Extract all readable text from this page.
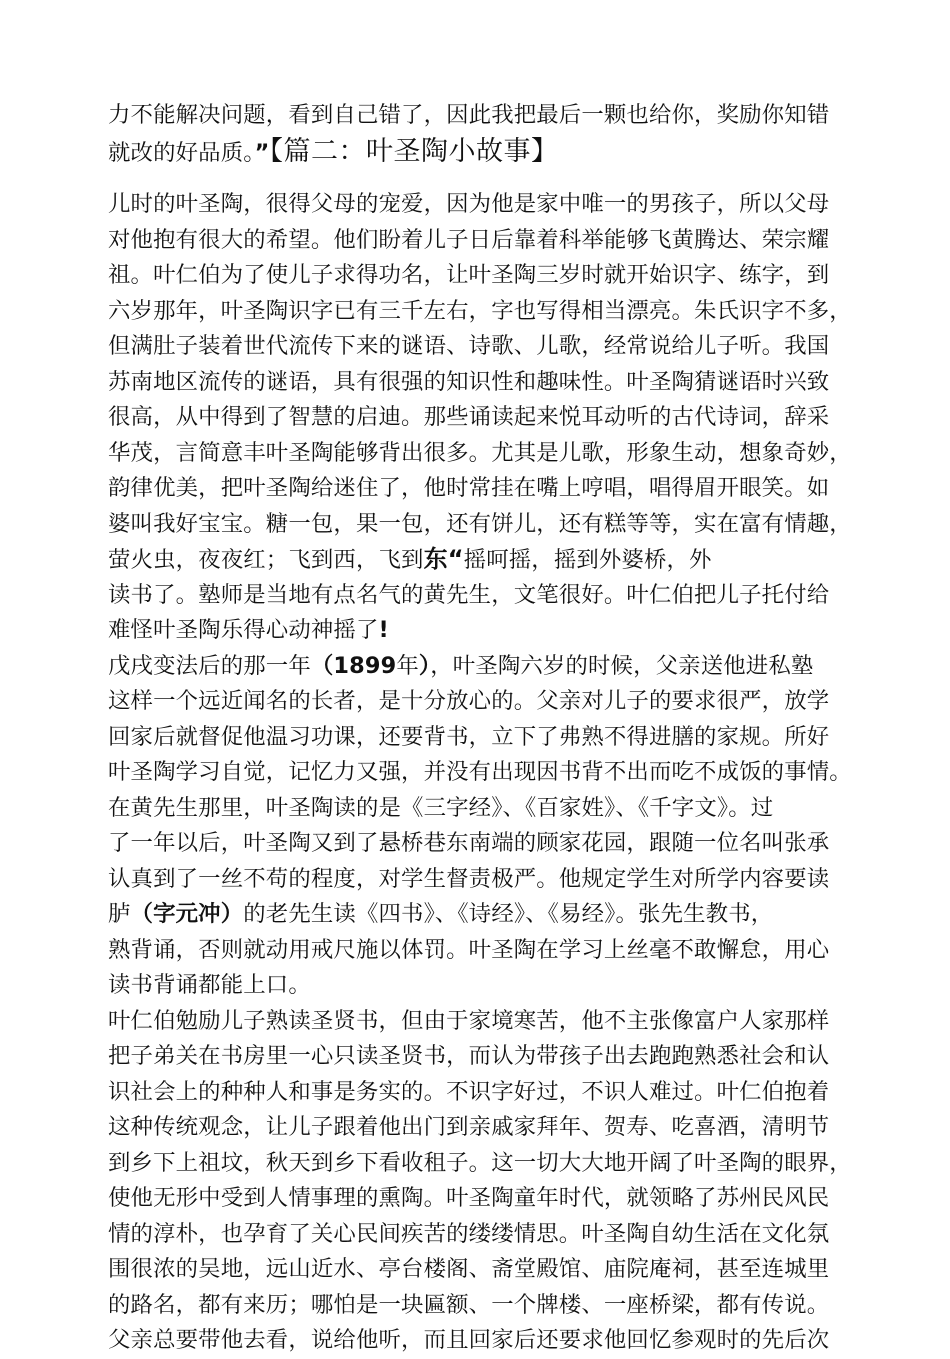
力不能解决问题，看到自己错了，因此我把最后一颗也给你，奖励你知错
就改的好品质。”【篇二：叶圣陶小故事】
儿时的叶圣陶，很得父母的宠爱，因为他是家中唯一的男孩子，所以父母
对他抱有很大的希望。他们盼着儿子日后靠着科举能够飞黄腾达、荣宗耀
祖。叶仁伯为了使儿子求得功名，让叶圣陶三岁时就开始识字、练字，到
六岁那年，叶圣陶识字已有三千左右，字也写得相当漂亮。朱氏识字不多，
但满肚子装着世代流传下来的谜语、诗歌、儿歌，经常说给儿子听。我国
苏南地区流传的谜语，具有很强的知识性和趣味性。叶圣陶猜谜语时兴致
很高，从中得到了智慧的启迪。那些诵读起来悦耳动听的古代诗词，辞采
华茂，言简意丰叶圣陶能够背出很多。尤其是儿歌，形象生动，想象奇妙，
韵律优美，把叶圣陶给迷住了，他时常挂在嘴上哼唱，唱得眉开眼笑。如
婆叫我好宝宝。糖一包，果一包，还有饼儿，还有糕等等，实在富有情趣，
萤火虫，夜夜红；飞到西，飞到东“摇呵摇，摇到外婆桥，外
读书了。塾师是当地有点名气的黄先生，文笔很好。叶仁伯把儿子托付给
难怪叶圣陶乐得心动神摇了!
戊戌变法后的那一年（1899年），叶圣陶六岁的时候，父亲送他进私塾
这样一个远近闻名的长者，是十分放心的。父亲对儿子的要求很严，放学
回家后就督促他温习功课，还要背书，立下了弗熟不得进膳的家规。所好
叶圣陶学习自觉，记忆力又强，并没有出现因书背不出而吃不成饭的事情。
在黄先生那里，叶圣陶读的是《三字经》、《百家姓》、《千字文》。过
了一年以后，叶圣陶又到了悬桥巷东南端的顾家花园，跟随一位名叫张承
认真到了一丝不苟的程度，对学生督责极严。他规定学生对所学内容要读
胪（字元冲）的老先生读《四书》、《诗经》、《易经》。张先生教书，
熟背诵，否则就动用戒尺施以体罚。叶圣陶在学习上丝毫不敢懈怠，用心
读书背诵都能上口。
叶仁伯勉励儿子熟读圣贤书，但由于家境寒苦，他不主张像富户人家那样
把子弟关在书房里一心只读圣贤书，而认为带孩子出去跑跑熟悉社会和认
识社会上的种种人和事是务实的。不识字好过，不识人难过。叶仁伯抱着
这种传统观念，让儿子跟着他出门到亲戚家拜年、贺寿、吃喜酒，清明节
到乡下上祖坟，秋天到乡下看收租子。这一切大大地开阔了叶圣陶的眼界，
使他无形中受到人情事理的熏陶。叶圣陶童年时代，就领略了苏州民风民
情的淳朴，也孕育了关心民间疾苦的缕缕情思。叶圣陶自幼生活在文化氛
围很浓的吴地，远山近水、亭台楼阁、斋堂殿馆、庙院庵祠，甚至连城里
的路名，都有来历；哪怕是一块匾额、一个牌楼、一座桥梁，都有传说。
父亲总要带他去看，说给他听，而且回家后还要求他回忆参观时的先后次
